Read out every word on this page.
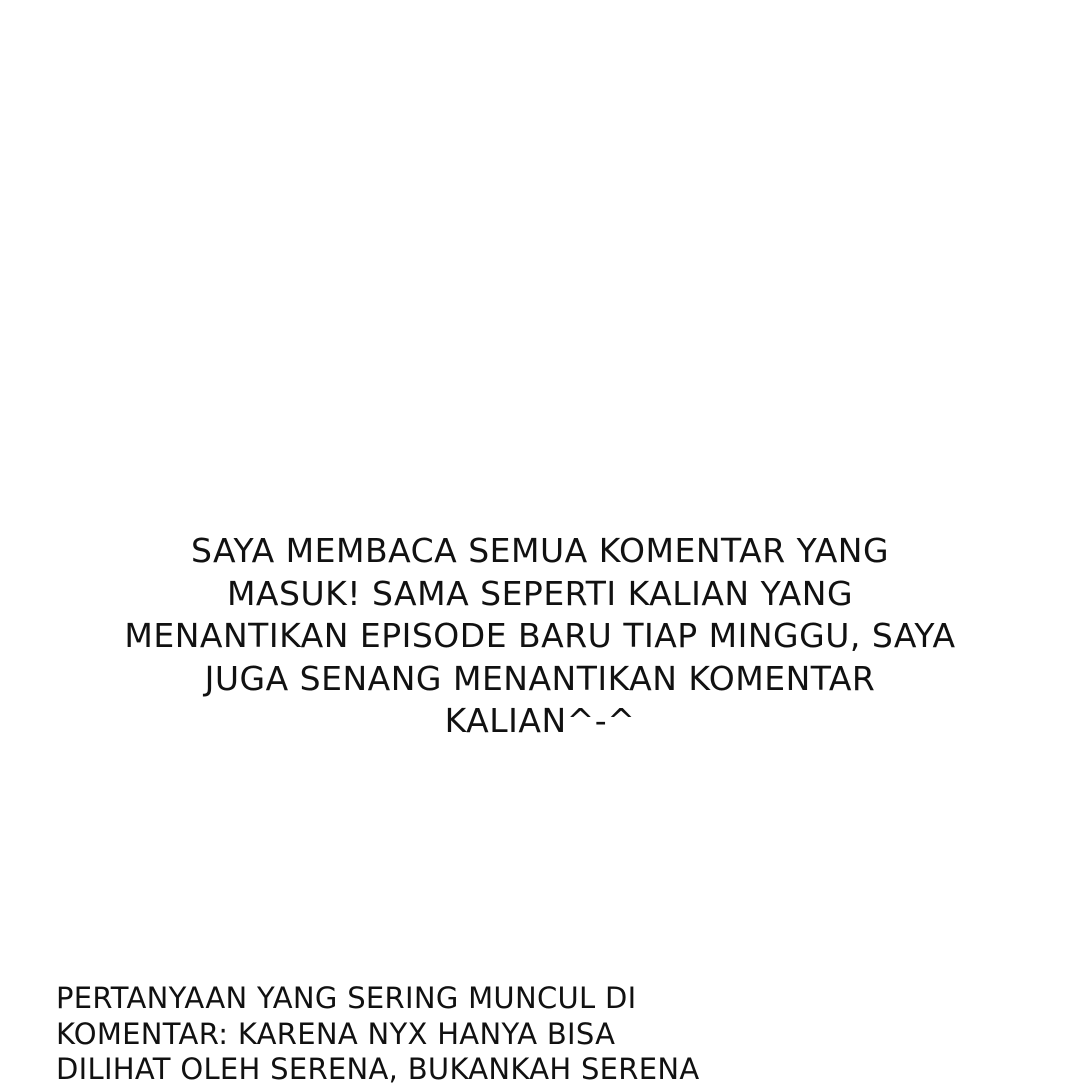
SAYA MEMBACA SEMUA KOMENTAR YANG
MASUK! SAMA SEPERTI KALIAN YANG
MENANTIKAN EPISODE BARU TIAP MINGGU, SAYA
JUGA SENANG MENANTIKAN KOMENTAR
KALIAN^-^
PERTANYAAN YANG SERING MUNCUL DI
KOMENTAR: KARENA NYX HANYA BISA
DILIHAT OLEH SERENA, BUKANKAH SERENA
